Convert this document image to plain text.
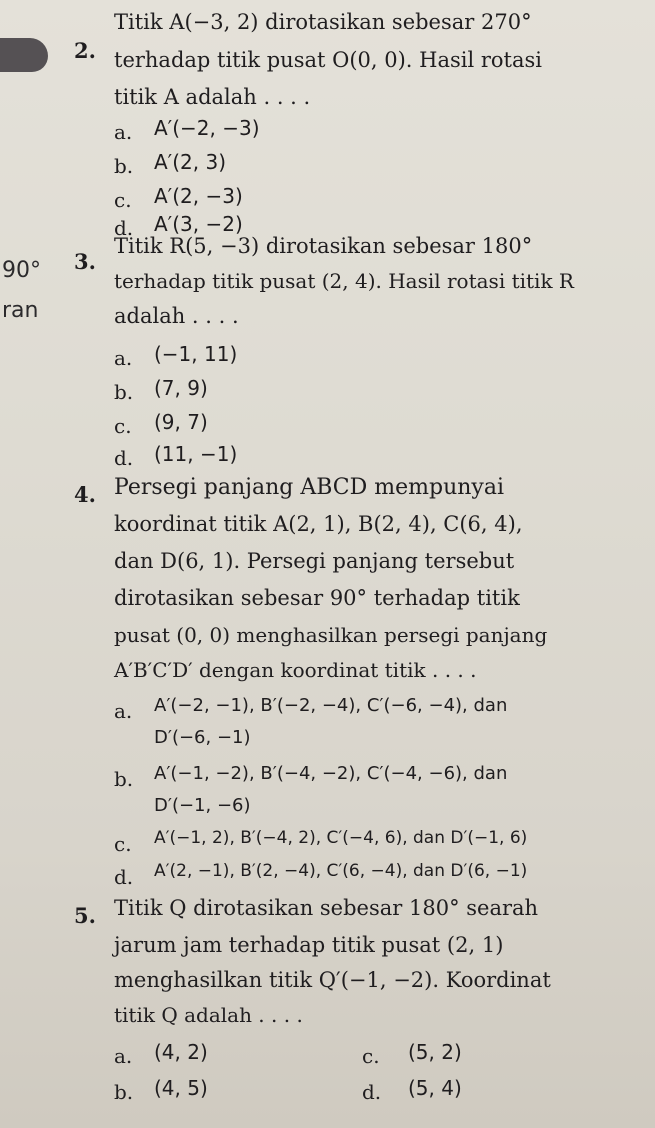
90°
ran
2.
Titik A(−3, 2) dirotasikan sebesar 270°
terhadap titik pusat O(0, 0). Hasil rotasi
titik A adalah . . . .
a. A′(−2, −3)
b. A′(2, 3)
c. A′(2, −3)
d. A′(3, −2)
3.
Titik R(5, −3) dirotasikan sebesar 180°
terhadap titik pusat (2, 4). Hasil rotasi titik R
adalah . . . .
a. (−1, 11)
b. (7, 9)
c. (9, 7)
d. (11, −1)
4. Persegi panjang ABCD mempunyai
koordinat titik A(2, 1), B(2, 4), C(6, 4),
dan D(6, 1). Persegi panjang tersebut
dirotasikan sebesar 90° terhadap titik
pusat (0, 0) menghasilkan persegi panjang
A′B′C′D′ dengan koordinat titik . . . .
a. A′(−2, −1), B′(−2, −4), C′(−6, −4), dan
D′(−6, −1)
b. A′(−1, −2), B′(−4, −2), C′(−4, −6), dan
D′(−1, −6)
c. A′(−1, 2), B′(−4, 2), C′(−4, 6), dan D′(−1, 6)
d. A′(2, −1), B′(2, −4), C′(6, −4), dan D′(6, −1)
5. Titik Q dirotasikan sebesar 180° searah
jarum jam terhadap titik pusat (2, 1)
menghasilkan titik Q′(−1, −2). Koordinat
titik Q adalah . . . .
a. (4, 2)	c. (5, 2)
b. (4, 5)	d. (5, 4)
